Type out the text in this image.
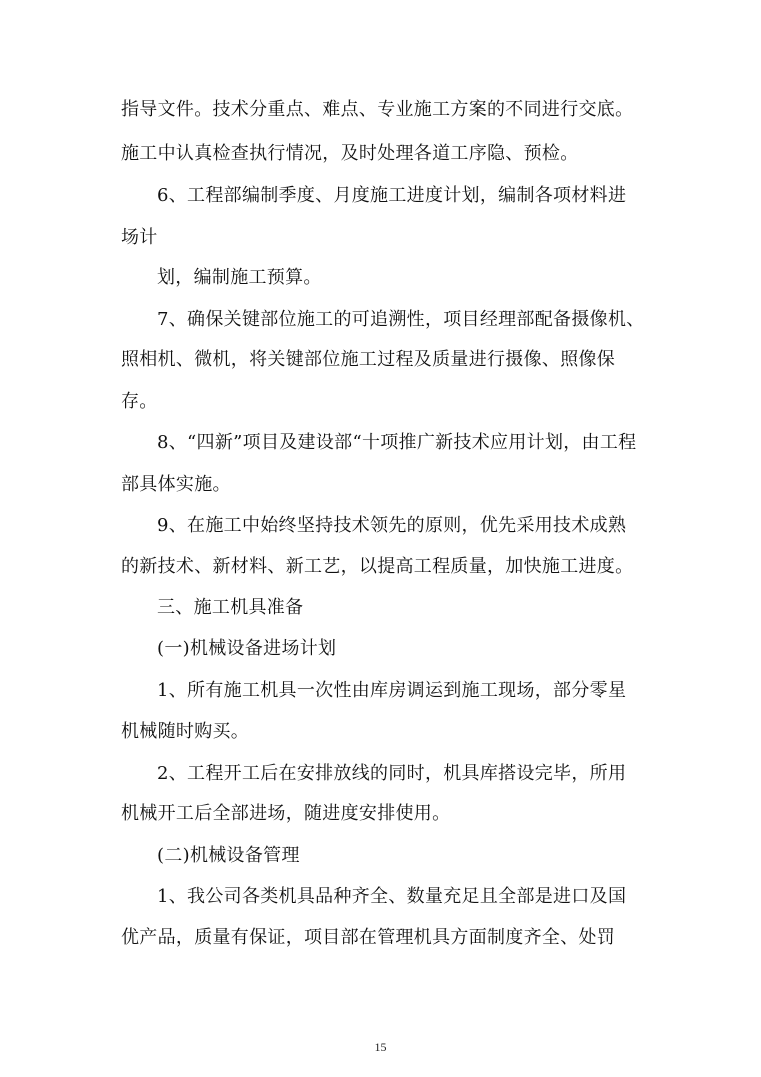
指导文件。技术分重点、难点、专业施工方案的不同进行交底。
施工中认真检查执行情况，及时处理各道工序隐、预检。
6、工程部编制季度、月度施工进度计划，编制各项材料进
场计
划，编制施工预算。
7、确保关键部位施工的可追溯性，项目经理部配备摄像机、
照相机、微机，将关键部位施工过程及质量进行摄像、照像保
存。
8、“四新”项目及建设部“十项推广新技术应用计划，由工程
部具体实施。
9、在施工中始终坚持技术领先的原则，优先采用技术成熟
的新技术、新材料、新工艺，以提高工程质量，加快施工进度。
三、施工机具准备
(一)机械设备进场计划
1、所有施工机具一次性由库房调运到施工现场，部分零星
机械随时购买。
2、工程开工后在安排放线的同时，机具库搭设完毕，所用
机械开工后全部进场，随进度安排使用。
(二)机械设备管理
1、我公司各类机具品种齐全、数量充足且全部是进口及国
优产品，质量有保证，项目部在管理机具方面制度齐全、处罚
15
